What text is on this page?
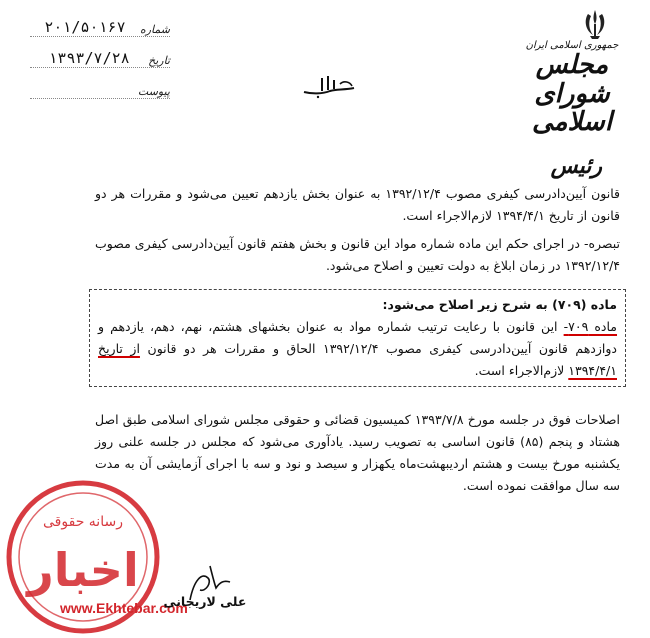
شماره
۲۰۱/۵۰۱۶۷
تاریخ
۱۳۹۳/۷/۲۸
پیوست
جمهوری اسلامی ایران
مجلس شورای اسلامی
رئیس

قانون آیین‌دادرسی کیفری مصوب ۱۳۹۲/۱۲/۴ به عنوان بخش یازدهم تعیین می‌شود و مقررات هر دو قانون از تاریخ ۱۳۹۴/۴/۱ لازم‌الاجراء است.

تبصره- در اجرای حکم این ماده شماره مواد این قانون و بخش هفتم قانون آیین‌دادرسی کیفری مصوب ۱۳۹۲/۱۲/۴ در زمان ابلاغ به دولت تعیین و اصلاح می‌شود.

ماده (۷۰۹) به شرح زیر اصلاح می‌شود:

ماده ۷۰۹- این قانون با رعایت ترتیب شماره مواد به عنوان بخشهای هشتم، نهم، دهم، یازدهم و دوازدهم قانون آیین‌دادرسی کیفری مصوب ۱۳۹۲/۱۲/۴ الحاق و مقررات هر دو قانون از تاریخ ۱۳۹۴/۴/۱ لازم‌الاجراء است.

اصلاحات فوق در جلسه مورخ ۱۳۹۳/۷/۸ کمیسیون قضائی و حقوقی مجلس شورای اسلامی طبق اصل هشتاد و پنجم (۸۵) قانون اساسی به تصویب رسید. یادآوری می‌شود که مجلس در جلسه علنی روز یکشنبه مورخ بیست و هشتم اردیبهشت‌ماه یکهزار و سیصد و نود و سه با اجرای آزمایشی آن به مدت سه سال موافقت نموده است.

رسانه حقوقی
اخبار
www.Ekhtebar.com
علی لاریجانی
